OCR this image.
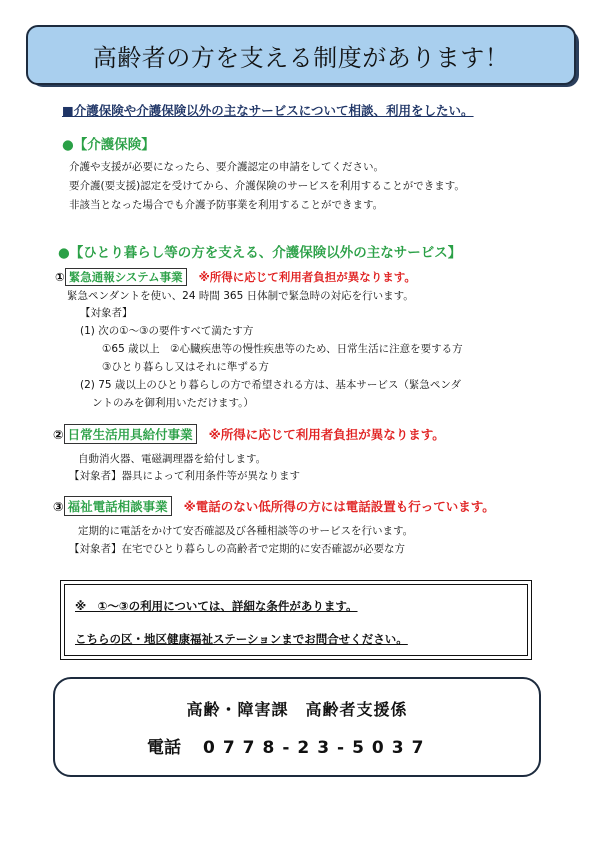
高齢者の方を支える制度があります！
■介護保険や介護保険以外の主なサービスについて相談、利用をしたい。
●【介護保険】
介護や支援が必要になったら、要介護認定の申請をしてください。
要介護(要支援)認定を受けてから、介護保険のサービスを利用することができます。
非該当となった場合でも介護予防事業を利用することができます。
●【ひとり暮らし等の方を支える、介護保険以外の主なサービス】
① 緊急通報システム事業	※所得に応じて利用者負担が異なります。
緊急ペンダントを使い、24 時間 365 日体制で緊急時の対応を行います。
【対象者】
(1) 次の①～③の要件すべて満たす方
①65 歳以上　②心臓疾患等の慢性疾患等のため、日常生活に注意を要する方
③ひとり暮らし又はそれに準ずる方
(2) 75 歳以上のひとり暮らしの方で希望される方は、基本サービス（緊急ペンダ
ントのみを御利用いただけます。）
② 日常生活用具給付事業	※所得に応じて利用者負担が異なります。
自動消火器、電磁調理器を給付します。
【対象者】器具によって利用条件等が異なります
③ 福祉電話相談事業	※電話のない低所得の方には電話設置も行っています。
定期的に電話をかけて安否確認及び各種相談等のサービスを行います。
【対象者】在宅でひとり暮らしの高齢者で定期的に安否確認が必要な方
※　①～③の利用については、詳細な条件があります。
こちらの区・地区健康福祉ステーションまでお問合せください。
高齢・障害課　高齢者支援係
電話 0778-23-5037
